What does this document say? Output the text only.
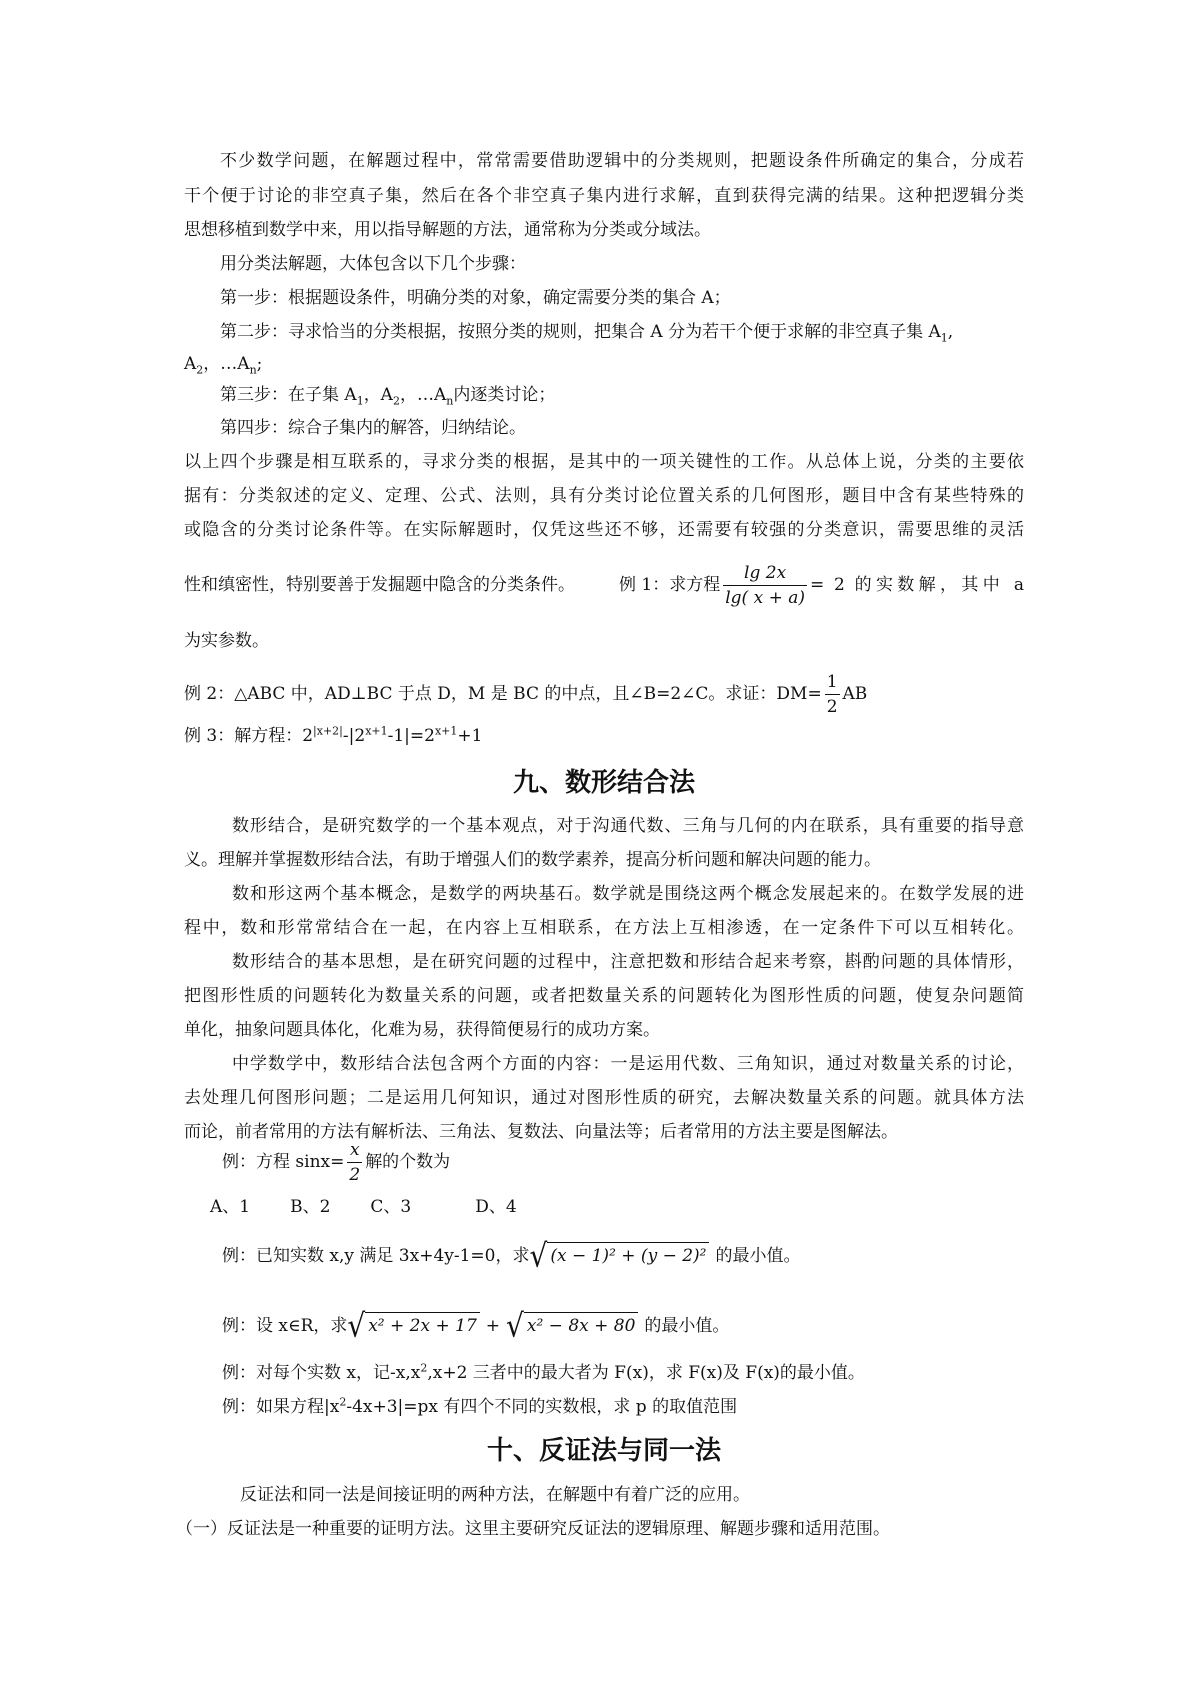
不少数学问题，在解题过程中，常常需要借助逻辑中的分类规则，把题设条件所确定的集合，分成若
干个便于讨论的非空真子集，然后在各个非空真子集内进行求解，直到获得完满的结果。这种把逻辑分类
思想移植到数学中来，用以指导解题的方法，通常称为分类或分域法。
用分类法解题，大体包含以下几个步骤：
第一步：根据题设条件，明确分类的对象，确定需要分类的集合 A；
第二步：寻求恰当的分类根据，按照分类的规则，把集合 A 分为若干个便于求解的非空真子集 $A_1$,
$A_2$，$\dots A_n$;
第三步：在子集 $A_1$，$A_2$，$\dots A_n$内逐类讨论；
第四步：综合子集内的解答，归纳结论。
以上四个步骤是相互联系的，寻求分类的根据，是其中的一项关键性的工作。从总体上说，分类的主要依
据有：分类叙述的定义、定理、公式、法则，具有分类讨论位置关系的几何图形，题目中含有某些特殊的
或隐含的分类讨论条件等。在实际解题时，仅凭这些还不够，还需要有较强的分类意识，需要思维的灵活
性和缜密性，特别要善于发掘题中隐含的分类条件。	例 1：求方程 $\frac{\lg 2x}{\lg( x + a)} = 2$ 的实数解，其中 a
为实参数。
例 2：△ABC 中，AD⊥BC 于点 D，M 是 BC 的中点，且∠B=2∠C。求证：$DM= \frac{1}{2}$ AB
例 3：解方程：$2^{|x+2|}-|2^{x+1}-1|=2^{x+1}+1$
九、数形结合法
数形结合，是研究数学的一个基本观点，对于沟通代数、三角与几何的内在联系，具有重要的指导意
义。理解并掌握数形结合法，有助于增强人们的数学素养，提高分析问题和解决问题的能力。
数和形这两个基本概念，是数学的两块基石。数学就是围绕这两个概念发展起来的。在数学发展的进
程中，数和形常常结合在一起，在内容上互相联系，在方法上互相渗透，在一定条件下可以互相转化。
数形结合的基本思想，是在研究问题的过程中，注意把数和形结合起来考察，斟酌问题的具体情形，
把图形性质的问题转化为数量关系的问题，或者把数量关系的问题转化为图形性质的问题，使复杂问题简
单化，抽象问题具体化，化难为易，获得简便易行的成功方案。
中学数学中，数形结合法包含两个方面的内容：一是运用代数、三角知识，通过对数量关系的讨论，
去处理几何图形问题；二是运用几何知识，通过对图形性质的研究，去解决数量关系的问题。就具体方法
而论，前者常用的方法有解析法、三角法、复数法、向量法等；后者常用的方法主要是图解法。
例：方程 $\sin x= \frac{x}{2}$ 解的个数为
A、1 B、2 C、3	D、4
例：已知实数 x,y 满足 3x+4y-1=0，求 √ (x − 1)² + (y − 2)² 的最小值。
例：设 x∈R，求 √ x² + 2x + 17 + √ x² − 8x + 80 的最小值。
例：对每个实数 x，记$-x,x^2,x+2$ 三者中的最大者为 F(x)，求 F(x)及 F(x)的最小值。
例：如果方程$|x^2-4x+3|=px$ 有四个不同的实数根，求 p 的取值范围
十、反证法与同一法
反证法和同一法是间接证明的两种方法，在解题中有着广泛的应用。
（一）反证法是一种重要的证明方法。这里主要研究反证法的逻辑原理、解题步骤和适用范围。
